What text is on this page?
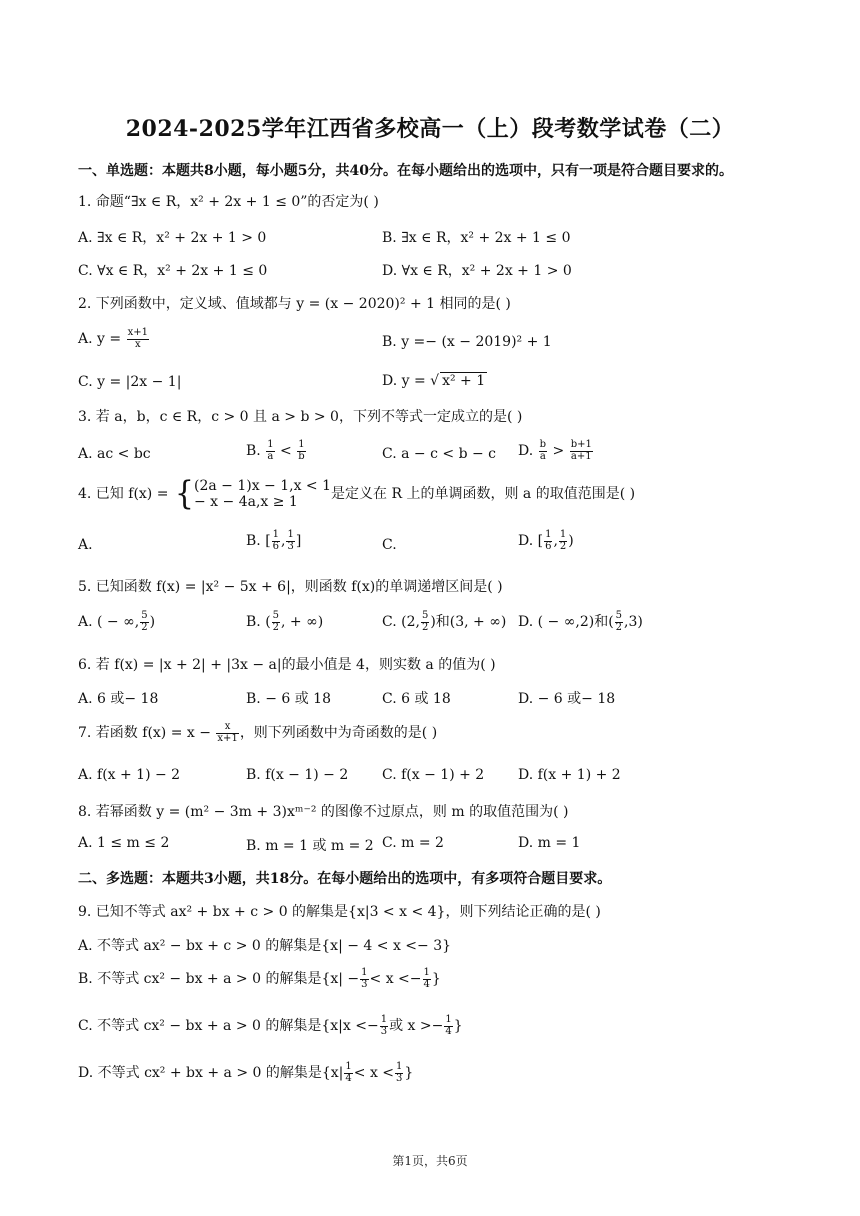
2024-2025学年江西省多校高一（上）段考数学试卷（二）
一、单选题：本题共8小题，每小题5分，共40分。在每小题给出的选项中，只有一项是符合题目要求的。
1. 命题“∃x ∈ R，x² + 2x + 1 ≤ 0”的否定为( )
A. ∃x ∈ R，x² + 2x + 1 > 0	B. ∃x ∈ R，x² + 2x + 1 ≤ 0
C. ∀x ∈ R，x² + 2x + 1 ≤ 0	D. ∀x ∈ R，x² + 2x + 1 > 0
2. 下列函数中，定义域、值域都与 y = (x − 2020)² + 1 相同的是( )
A. $y = \frac{x+1}{x}$	B. y =− (x − 2019)² + 1
C. y = |2x − 1|	D. y = √ x² + 1
3. 若 a，b，c ∈ R，c > 0 且 a > b > 0，下列不等式一定成立的是( )
A. ac < bc	B. $\frac{1}{a} < \frac{1}{b}$	C. a − c < b − c D. $\frac{b}{a} > \frac{b+1}{a+1}$
4. 已知 f(x) = { (2a − 1)x − 1,x < 1
− x − 4a,x ≥ 1	是定义在 R 上的单调函数，则 a 的取值范围是( )
A.	B. [ $\frac{1}{6}$ , $\frac{1}{3}$ ]	C.	D. [ $\frac{1}{6}$ , $\frac{1}{2}$ )
5. 已知函数 f(x) = |x² − 5x + 6|，则函数 f(x)的单调递增区间是( )
A. ( − ∞, $\frac{5}{2}$ )	B. ( $\frac{5}{2}$ , + ∞)	C. (2, $\frac{5}{2}$ )和(3, + ∞) D. ( − ∞,2)和( $\frac{5}{2} ,3$)
6. 若 f(x) = |x + 2| + |3x − a|的最小值是 4，则实数 a 的值为( )
A. 6 或− 18	B. − 6 或 18	C. 6 或 18	D. − 6 或− 18
7. 若函数 $f(x) = x - \frac{x}{x+1}$ ，则下列函数中为奇函数的是( )
A. f(x + 1) − 2	B. f(x − 1) − 2 C. f(x − 1) + 2 D. f(x + 1) + 2
8. 若幂函数 y = (m² − 3m + 3)xᵐ⁻² 的图像不过原点，则 m 的取值范围为( )
A. 1 ≤ m ≤ 2	B. m = 1 或 m = 2 C. m = 2	D. m = 1
二、多选题：本题共3小题，共18分。在每小题给出的选项中，有多项符合题目要求。
9. 已知不等式 ax² + bx + c > 0 的解集是{x|3 < x < 4}，则下列结论正确的是( )
A. 不等式 ax² − bx + c > 0 的解集是{x| − 4 < x <− 3}
B. 不等式 cx² − bx + a > 0 的解集是{$x| - \frac{1}{3} < x <- \frac{1}{4}$ }
C. 不等式 cx² − bx + a > 0 的解集是{$x|x <- \frac{1}{3}$ 或 $x >- \frac{1}{4}$ }
D. 不等式 cx² + bx + a > 0 的解集是{$x| \frac{1}{4} < x < \frac{1}{3}$ }
第1页，共6页
